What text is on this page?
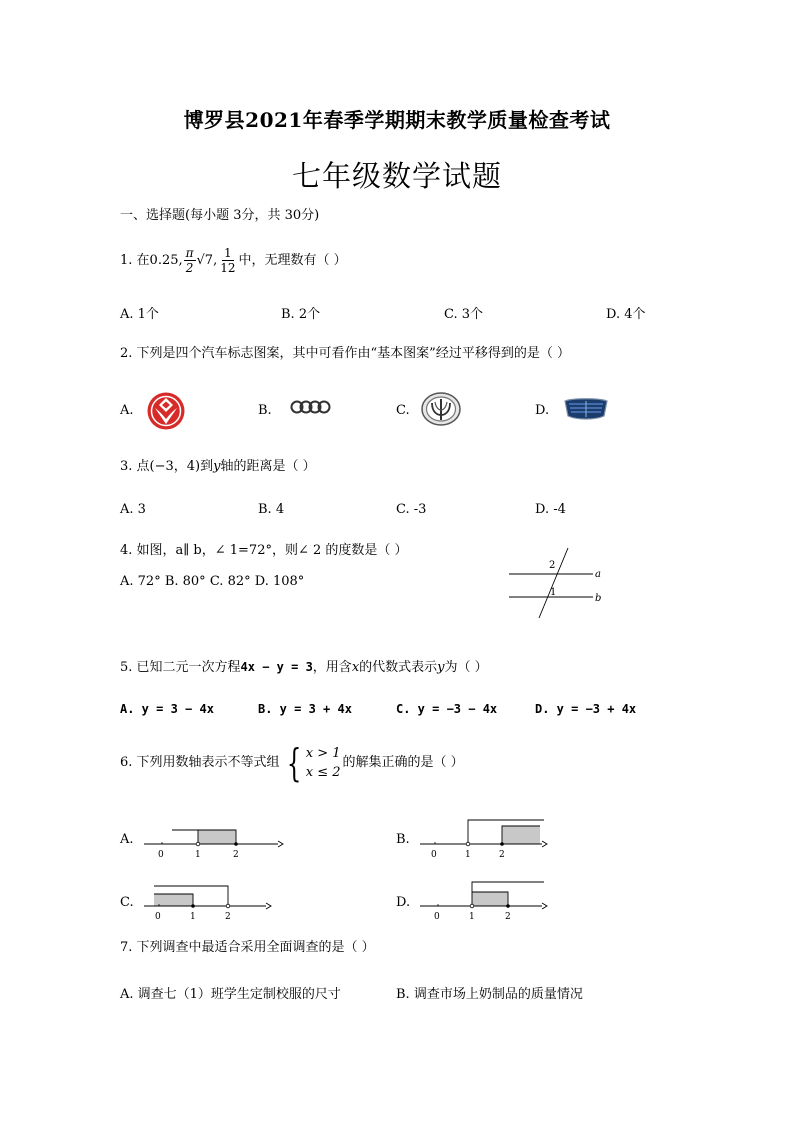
博罗县2021年春季学期期末教学质量检查考试
七年级数学试题
一、选择题(每小题 3分，共 30分)
1. 在 0.25, $\frac{\pi}{2} √7$, $\frac{1}{12}$ 中，无理数有（ ）
A. 1个	B. 2个	C. 3个	D. 4个
2. 下列是四个汽车标志图案，其中可看作由“基本图案”经过平移得到的是（ ）
A.	B.	C.	D.
3. 点(−3，4)到y轴的距离是（ ）
A. 3	B. 4	C. -3	D. -4
4. 如图，a∥ b，∠ 1=72°，则∠ 2 的度数是（ ）
A. 72° B. 80° C. 82° D. 108°
2
1
a
b
5. 已知二元一次方程4x − y = 3，用含x的代数式表示y为（ ）
A. y = 3 − 4x	B. y = 3 + 4x	C. y = −3 − 4x	D. y = −3 + 4x
6. 下列用数轴表示不等式组 { x > 1
x ≤ 2
的解集正确的是（ ）
A.
0	1	2
B.
0	1	2
C.
0	1	2
D.
0	1	2
7. 下列调查中最适合采用全面调查的是（ ）
A. 调查七（1）班学生定制校服的尺寸	B. 调查市场上奶制品的质量情况
